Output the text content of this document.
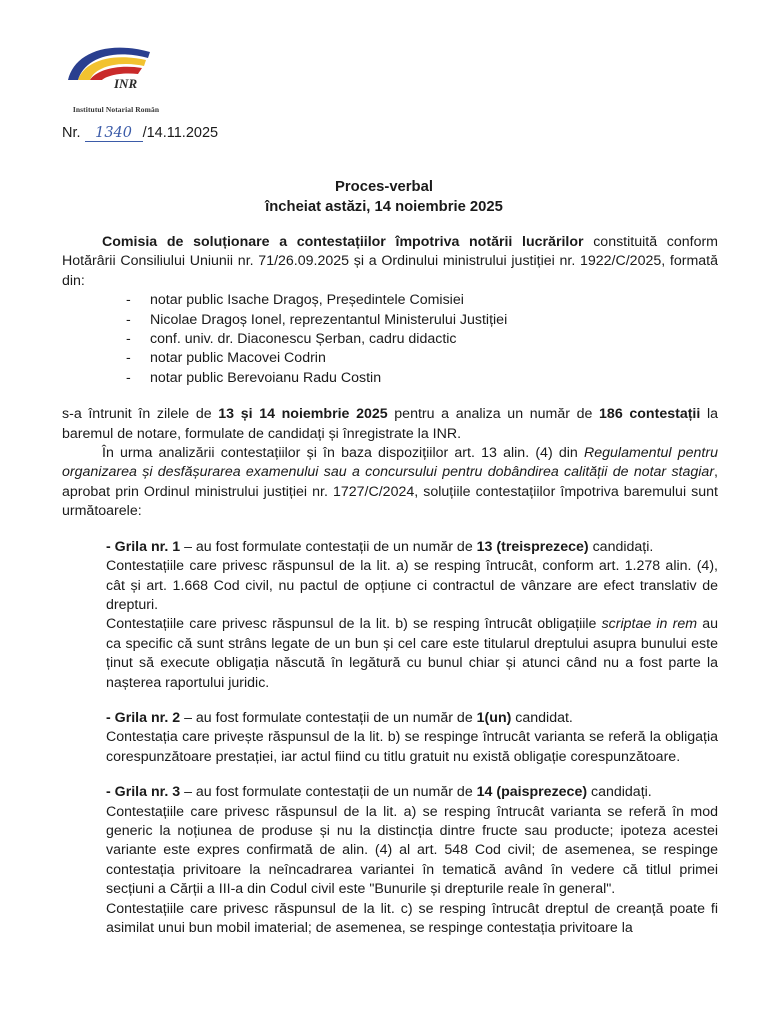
INR
Institutul Notarial Român
Nr. 1340 /14.11.2025
Proces-verbal
încheiat astăzi, 14 noiembrie 2025

Comisia de soluționare a contestațiilor împotriva notării lucrărilor constituită conform Hotărârii Consiliului Uniunii nr. 71/26.09.2025 și a Ordinului ministrului justiției nr. 1922/C/2025, formată din:

- notar public Isache Dragoș, Președintele Comisiei
- Nicolae Dragoș Ionel, reprezentantul Ministerului Justiției
- conf. univ. dr. Diaconescu Șerban, cadru didactic
- notar public Macovei Codrin
- notar public Berevoianu Radu Costin

s-a întrunit în zilele de 13 și 14 noiembrie 2025 pentru a analiza un număr de 186 contestații la baremul de notare, formulate de candidați și înregistrate la INR.

În urma analizării contestațiilor și în baza dispozițiilor art. 13 alin. (4) din Regulamentul pentru organizarea și desfășurarea examenului sau a concursului pentru dobândirea calității de notar stagiar, aprobat prin Ordinul ministrului justiției nr. 1727/C/2024, soluțiile contestațiilor împotriva baremului sunt următoarele:

- Grila nr. 1 – au fost formulate contestații de un număr de 13 (treisprezece) candidați.

Contestațiile care privesc răspunsul de la lit. a) se resping întrucât, conform art. 1.278 alin. (4), cât și art. 1.668 Cod civil, nu pactul de opțiune ci contractul de vânzare are efect translativ de drepturi.

Contestațiile care privesc răspunsul de la lit. b) se resping întrucât obligațiile scriptae in rem au ca specific că sunt strâns legate de un bun și cel care este titularul dreptului asupra bunului este ținut să execute obligația născută în legătură cu bunul chiar și atunci când nu a fost parte la nașterea raportului juridic.

- Grila nr. 2 – au fost formulate contestații de un număr de 1(un) candidat.

Contestația care privește răspunsul de la lit. b) se respinge întrucât varianta se referă la obligația corespunzătoare prestației, iar actul fiind cu titlu gratuit nu există obligație corespunzătoare.

- Grila nr. 3 – au fost formulate contestații de un număr de 14 (paisprezece) candidați.

Contestațiile care privesc răspunsul de la lit. a) se resping întrucât varianta se referă în mod generic la noțiunea de produse și nu la distincția dintre fructe sau producte; ipoteza acestei variante este expres confirmată de alin. (4) al art. 548 Cod civil; de asemenea, se respinge contestația privitoare la neîncadrarea variantei în tematică având în vedere că titlul primei secțiuni a Cărții a III-a din Codul civil este "Bunurile și drepturile reale în general".

Contestațiile care privesc răspunsul de la lit. c) se resping întrucât dreptul de creanță poate fi asimilat unui bun mobil imaterial; de asemenea, se respinge contestația privitoare la
